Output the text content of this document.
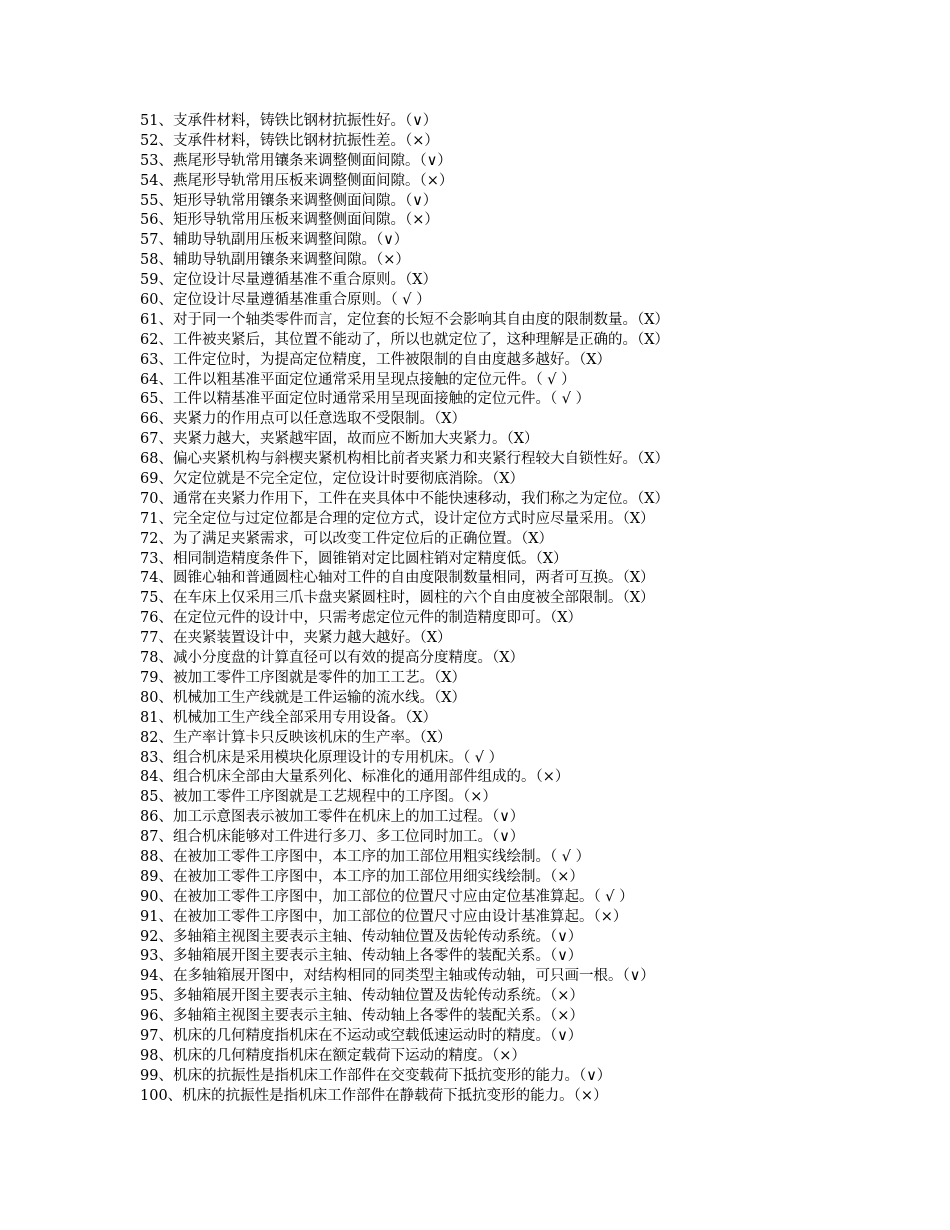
51、支承件材料，铸铁比钢材抗振性好。（∨）
52、支承件材料，铸铁比钢材抗振性差。（×）
53、燕尾形导轨常用镶条来调整侧面间隙。（∨）
54、燕尾形导轨常用压板来调整侧面间隙。（×）
55、矩形导轨常用镶条来调整侧面间隙。（∨）
56、矩形导轨常用压板来调整侧面间隙。（×）
57、辅助导轨副用压板来调整间隙。（∨）
58、辅助导轨副用镶条来调整间隙。（×）
59、定位设计尽量遵循基准不重合原则。（X）
60、定位设计尽量遵循基准重合原则。（ √ ）
61、对于同一个轴类零件而言，定位套的长短不会影响其自由度的限制数量。（X）
62、工件被夹紧后，其位置不能动了，所以也就定位了，这种理解是正确的。（X）
63、工件定位时，为提高定位精度，工件被限制的自由度越多越好。（X）
64、工件以粗基准平面定位通常采用呈现点接触的定位元件。（ √ ）
65、工件以精基准平面定位时通常采用呈现面接触的定位元件。（ √ ）
66、夹紧力的作用点可以任意选取不受限制。（X）
67、夹紧力越大，夹紧越牢固，故而应不断加大夹紧力。（X）
68、偏心夹紧机构与斜楔夹紧机构相比前者夹紧力和夹紧行程较大自锁性好。（X）
69、欠定位就是不完全定位，定位设计时要彻底消除。（X）
70、通常在夹紧力作用下，工件在夹具体中不能快速移动，我们称之为定位。（X）
71、完全定位与过定位都是合理的定位方式，设计定位方式时应尽量采用。（X）
72、为了满足夹紧需求，可以改变工件定位后的正确位置。（X）
73、相同制造精度条件下，圆锥销对定比圆柱销对定精度低。（X）
74、圆锥心轴和普通圆柱心轴对工件的自由度限制数量相同，两者可互换。（X）
75、在车床上仅采用三爪卡盘夹紧圆柱时，圆柱的六个自由度被全部限制。（X）
76、在定位元件的设计中，只需考虑定位元件的制造精度即可。（X）
77、在夹紧装置设计中，夹紧力越大越好。（X）
78、减小分度盘的计算直径可以有效的提高分度精度。（X）
79、被加工零件工序图就是零件的加工工艺。（X）
80、机械加工生产线就是工件运输的流水线。（X）
81、机械加工生产线全部采用专用设备。（X）
82、生产率计算卡只反映该机床的生产率。（X）
83、组合机床是采用模块化原理设计的专用机床。（ √ ）
84、组合机床全部由大量系列化、标准化的通用部件组成的。（×）
85、被加工零件工序图就是工艺规程中的工序图。（×）
86、加工示意图表示被加工零件在机床上的加工过程。（∨）
87、组合机床能够对工件进行多刀、多工位同时加工。（∨）
88、在被加工零件工序图中，本工序的加工部位用粗实线绘制。（ √ ）
89、在被加工零件工序图中，本工序的加工部位用细实线绘制。（×）
90、在被加工零件工序图中，加工部位的位置尺寸应由定位基准算起。（ √ ）
91、在被加工零件工序图中，加工部位的位置尺寸应由设计基准算起。（×）
92、多轴箱主视图主要表示主轴、传动轴位置及齿轮传动系统。（∨）
93、多轴箱展开图主要表示主轴、传动轴上各零件的装配关系。（∨）
94、在多轴箱展开图中，对结构相同的同类型主轴或传动轴，可只画一根。（∨）
95、多轴箱展开图主要表示主轴、传动轴位置及齿轮传动系统。（×）
96、多轴箱主视图主要表示主轴、传动轴上各零件的装配关系。（×）
97、机床的几何精度指机床在不运动或空载低速运动时的精度。（∨）
98、机床的几何精度指机床在额定载荷下运动的精度。（×）
99、机床的抗振性是指机床工作部件在交变载荷下抵抗变形的能力。（∨）
100、机床的抗振性是指机床工作部件在静载荷下抵抗变形的能力。（×）
